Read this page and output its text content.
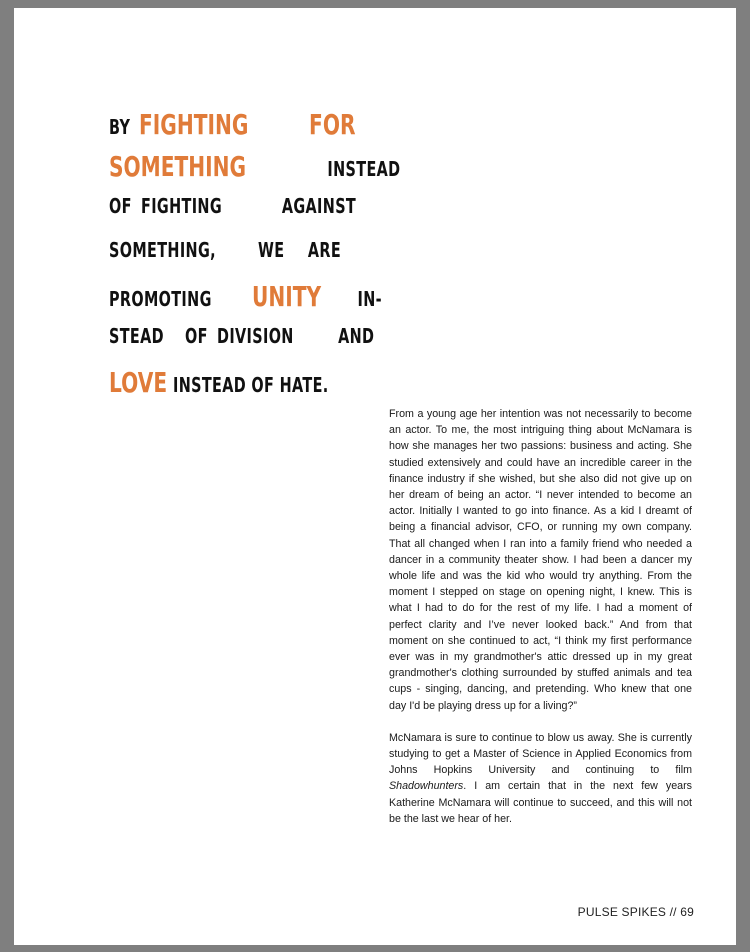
BY FIGHTING FOR
SOMETHING	INSTEAD
OF FIGHTING	AGAINST
SOMETHING, WE ARE
PROMOTING UNITY IN-
STEAD OF DIVISION AND
LOVE INSTEAD OF HATE.

From a young age her intention was not necessarily to become an actor. To me, the most intriguing thing about McNamara is how she manages her two passions: business and acting. She studied extensively and could have an incredible career in the finance industry if she wished, but she also did not give up on her dream of being an actor. “I never intended to become an actor. Initially I wanted to go into finance. As a kid I dreamt of being a financial advisor, CFO, or running my own company. That all changed when I ran into a family friend who needed a dancer in a community theater show. I had been a dancer my whole life and was the kid who would try anything. From the moment I stepped on stage on opening night, I knew. This is what I had to do for the rest of my life. I had a moment of perfect clarity and I’ve never looked back.” And from that moment on she continued to act, “I think my first performance ever was in my grandmother's attic dressed up in my great grandmother's clothing surrounded by stuffed animals and tea cups - singing, dancing, and pretending. Who knew that one day I'd be playing dress up for a living?”

McNamara is sure to continue to blow us away. She is currently studying to get a Master of Science in Applied Economics from Johns Hopkins University and continuing to film Shadowhunters. I am certain that in the next few years Katherine McNamara will continue to succeed, and this will not be the last we hear of her.

PULSE SPIKES // 69
